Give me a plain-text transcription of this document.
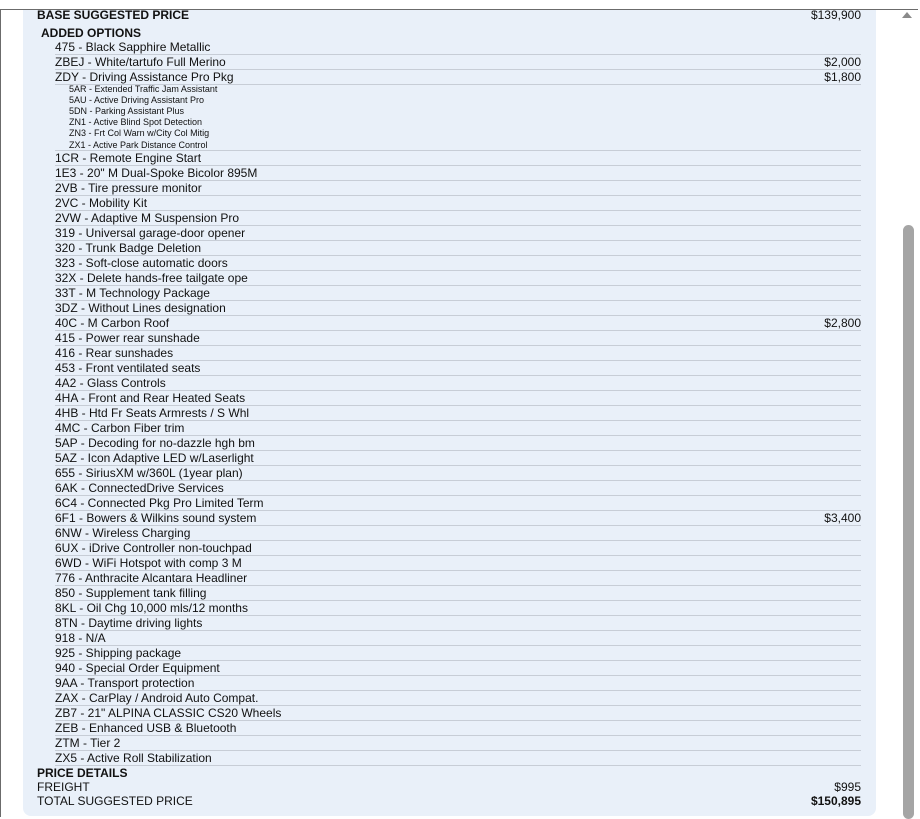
BASE SUGGESTED PRICE	$139,900
ADDED OPTIONS
475 - Black Sapphire Metallic
ZBEJ - White/tartufo Full Merino	$2,000
ZDY - Driving Assistance Pro Pkg	$1,800
5AR - Extended Traffic Jam Assistant
5AU - Active Driving Assistant Pro
5DN - Parking Assistant Plus
ZN1 - Active Blind Spot Detection
ZN3 - Frt Col Warn w/City Col Mitig
ZX1 - Active Park Distance Control
1CR - Remote Engine Start
1E3 - 20" M Dual-Spoke Bicolor 895M
2VB - Tire pressure monitor
2VC - Mobility Kit
2VW - Adaptive M Suspension Pro
319 - Universal garage-door opener
320 - Trunk Badge Deletion
323 - Soft-close automatic doors
32X - Delete hands-free tailgate ope
33T - M Technology Package
3DZ - Without Lines designation
40C - M Carbon Roof	$2,800
415 - Power rear sunshade
416 - Rear sunshades
453 - Front ventilated seats
4A2 - Glass Controls
4HA - Front and Rear Heated Seats
4HB - Htd Fr Seats Armrests / S Whl
4MC - Carbon Fiber trim
5AP - Decoding for no-dazzle hgh bm
5AZ - Icon Adaptive LED w/Laserlight
655 - SiriusXM w/360L (1year plan)
6AK - ConnectedDrive Services
6C4 - Connected Pkg Pro Limited Term
6F1 - Bowers & Wilkins sound system	$3,400
6NW - Wireless Charging
6UX - iDrive Controller non-touchpad
6WD - WiFi Hotspot with comp 3 M
776 - Anthracite Alcantara Headliner
850 - Supplement tank filling
8KL - Oil Chg 10,000 mls/12 months
8TN - Daytime driving lights
918 - N/A
925 - Shipping package
940 - Special Order Equipment
9AA - Transport protection
ZAX - CarPlay / Android Auto Compat.
ZB7 - 21" ALPINA CLASSIC CS20 Wheels
ZEB - Enhanced USB & Bluetooth
ZTM - Tier 2
ZX5 - Active Roll Stabilization
PRICE DETAILS
FREIGHT	$995
TOTAL SUGGESTED PRICE	$150,895
